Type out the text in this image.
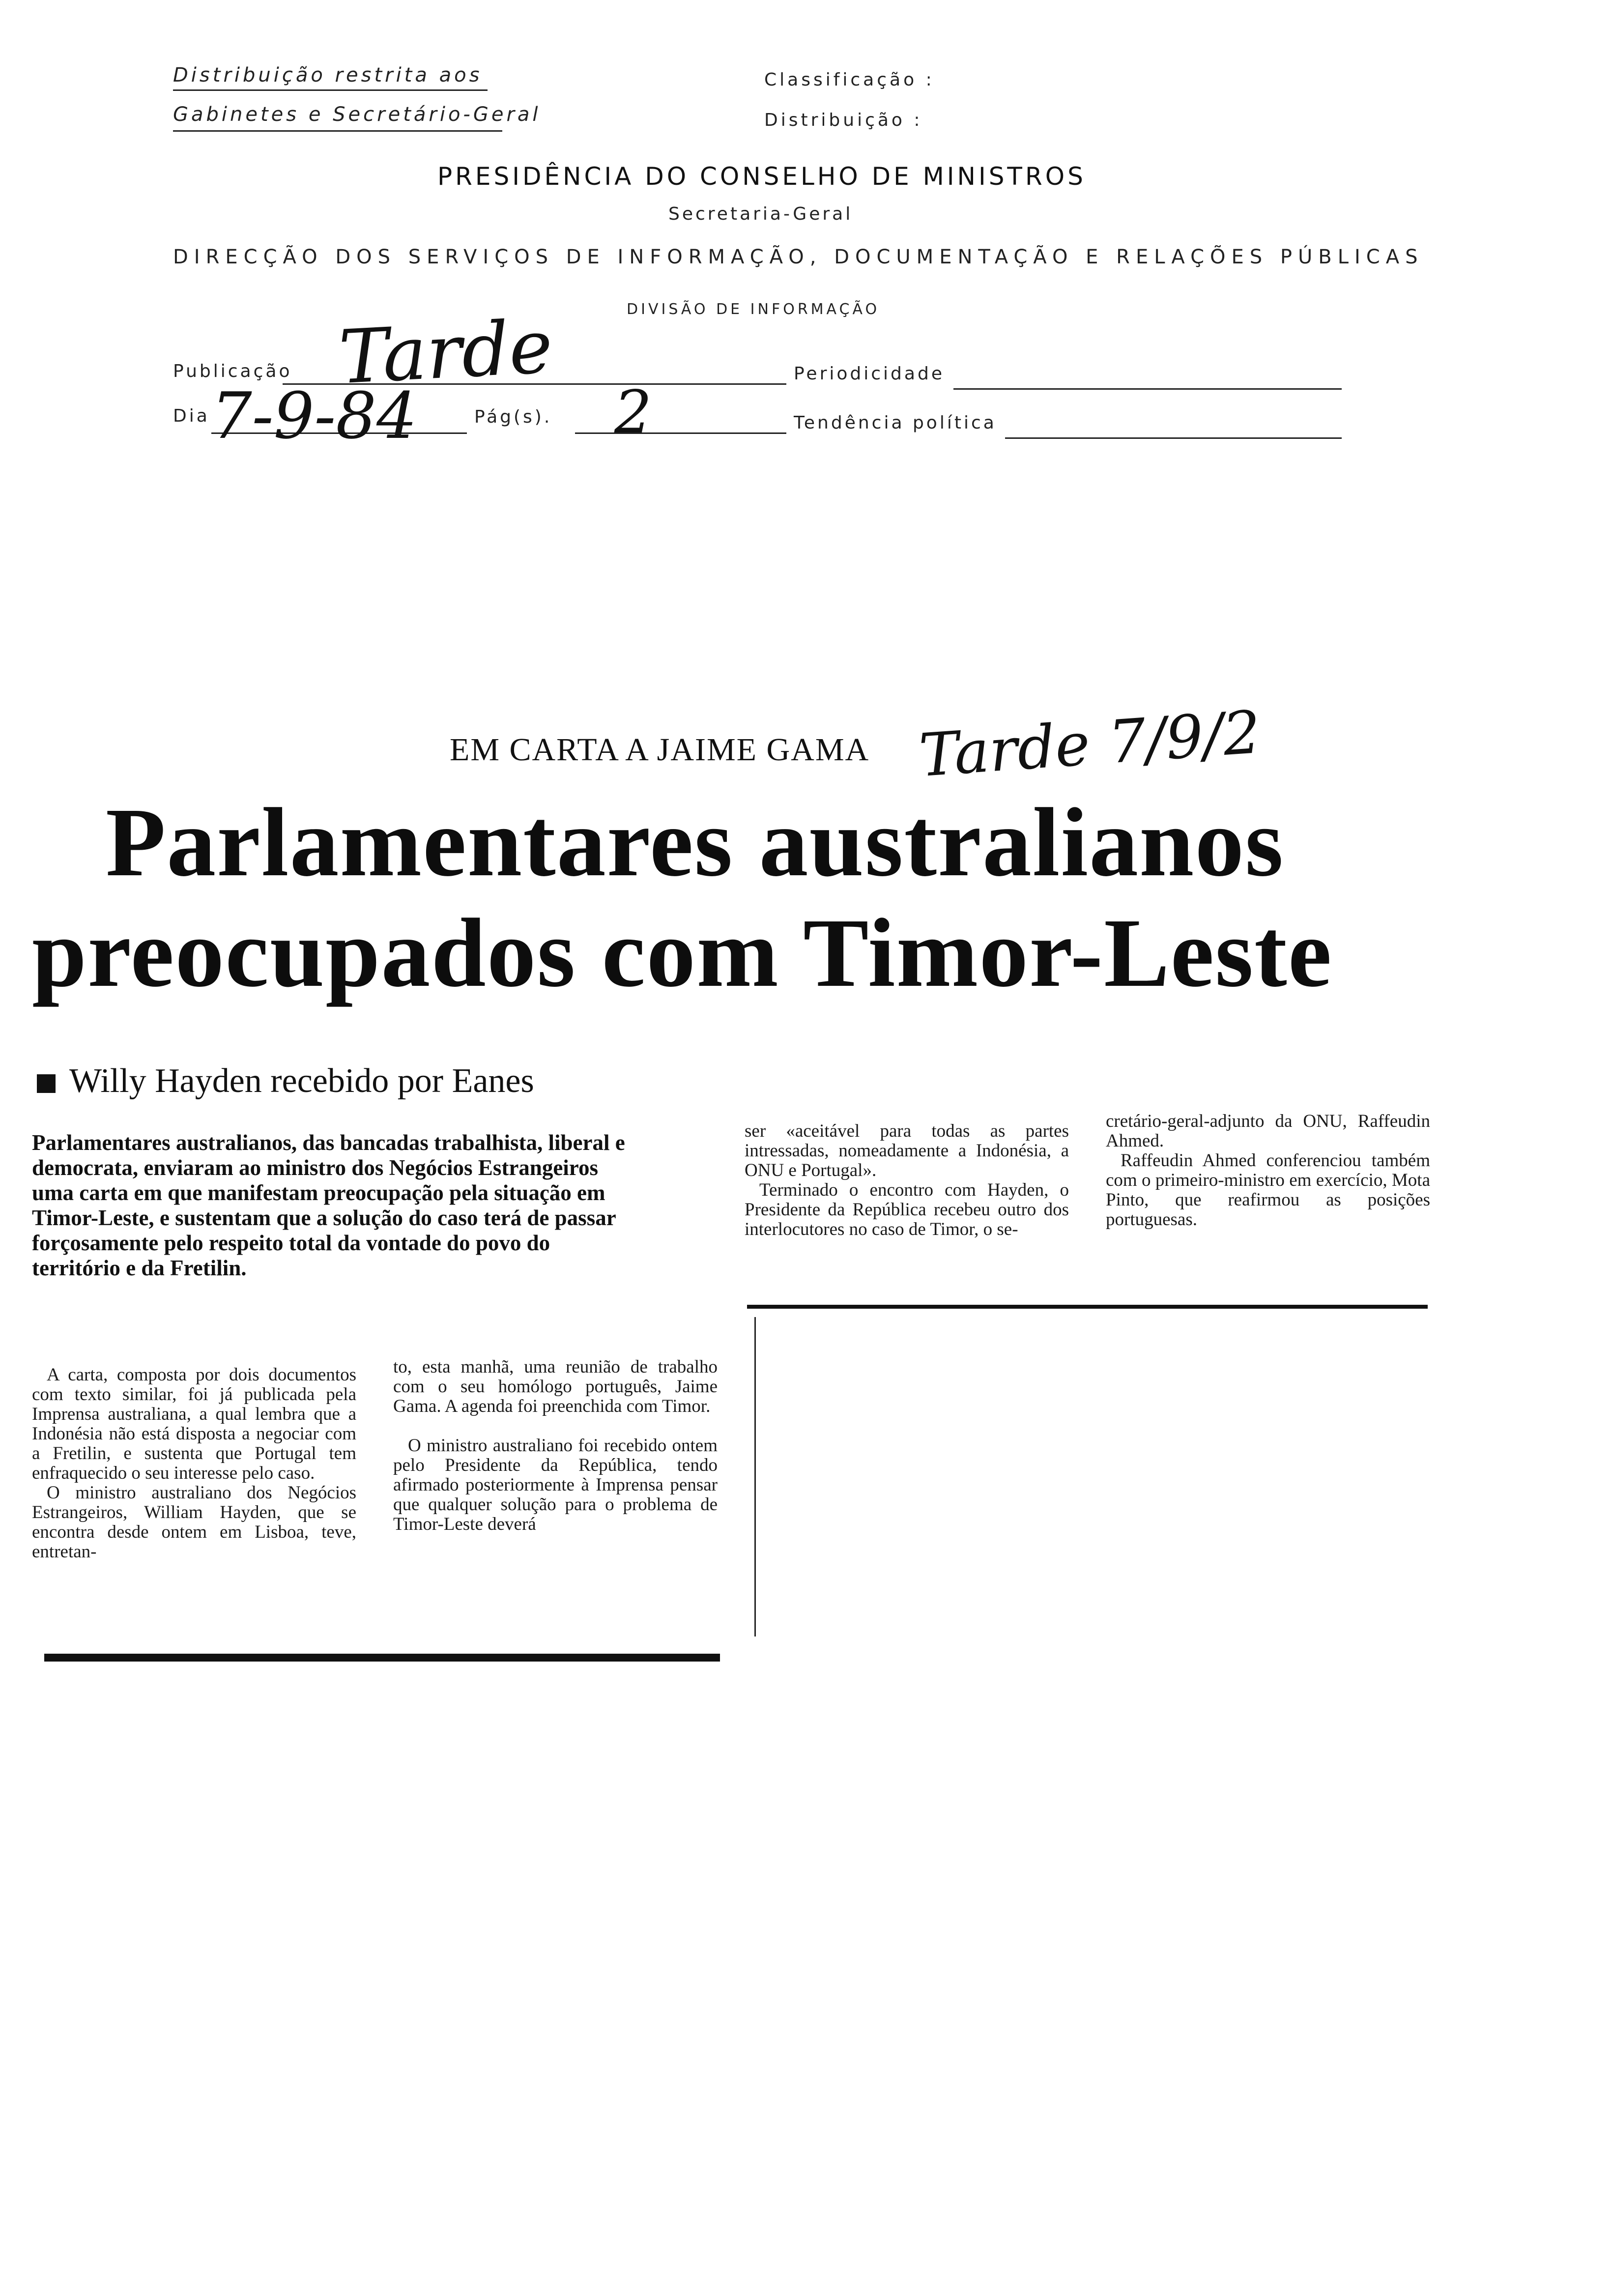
Distribuição restrita aos
Gabinetes e Secretário-Geral
Classificação :
Distribuição :
PRESIDÊNCIA DO CONSELHO DE MINISTROS
Secretaria-Geral
DIRECÇÃO DOS SERVIÇOS DE INFORMAÇÃO, DOCUMENTAÇÃO E RELAÇÕES PÚBLICAS
DIVISÃO DE INFORMAÇÃO
Publicação Tarde
Dia 7-9-84	Pág(s). 2
Periodicidade
Tendência política
EM CARTA A JAIME GAMA Tarde 7/9/2
Parlamentares australianos
preocupados com Timor-Leste
Willy Hayden recebido por Eanes
Parlamentares australianos, das bancadas trabalhista, liberal e democrata, enviaram ao ministro dos Negócios Estrangeiros uma carta em que manifestam preocupação pela situação em Timor-Leste, e sustentam que a solução do caso terá de passar forçosamente pelo respeito total da vontade do povo do território e da Fretilin.

A carta, composta por dois documentos com texto similar, foi já publicada pela Imprensa australiana, a qual lembra que a Indonésia não está disposta a negociar com a Fretilin, e sustenta que Portugal tem enfraquecido o seu interesse pelo caso.

O ministro australiano dos Negócios Estrangeiros, William Hayden, que se encontra desde ontem em Lisboa, teve, entretan-

to, esta manhã, uma reunião de trabalho com o seu homólogo português, Jaime Gama. A agenda foi preenchida com Timor.

O ministro australiano foi recebido ontem pelo Presidente da República, tendo afirmado posteriormente à Imprensa pensar que qualquer solução para o problema de Timor-Leste deverá

ser «aceitável para todas as partes intressadas, nomeadamente a Indonésia, a ONU e Portugal».

Terminado o encontro com Hayden, o Presidente da República recebeu outro dos interlocutores no caso de Timor, o se-

cretário-geral-adjunto da ONU, Raffeudin Ahmed.

Raffeudin Ahmed conferenciou também com o primeiro-ministro em exercício, Mota Pinto, que reafirmou as posições portuguesas.
